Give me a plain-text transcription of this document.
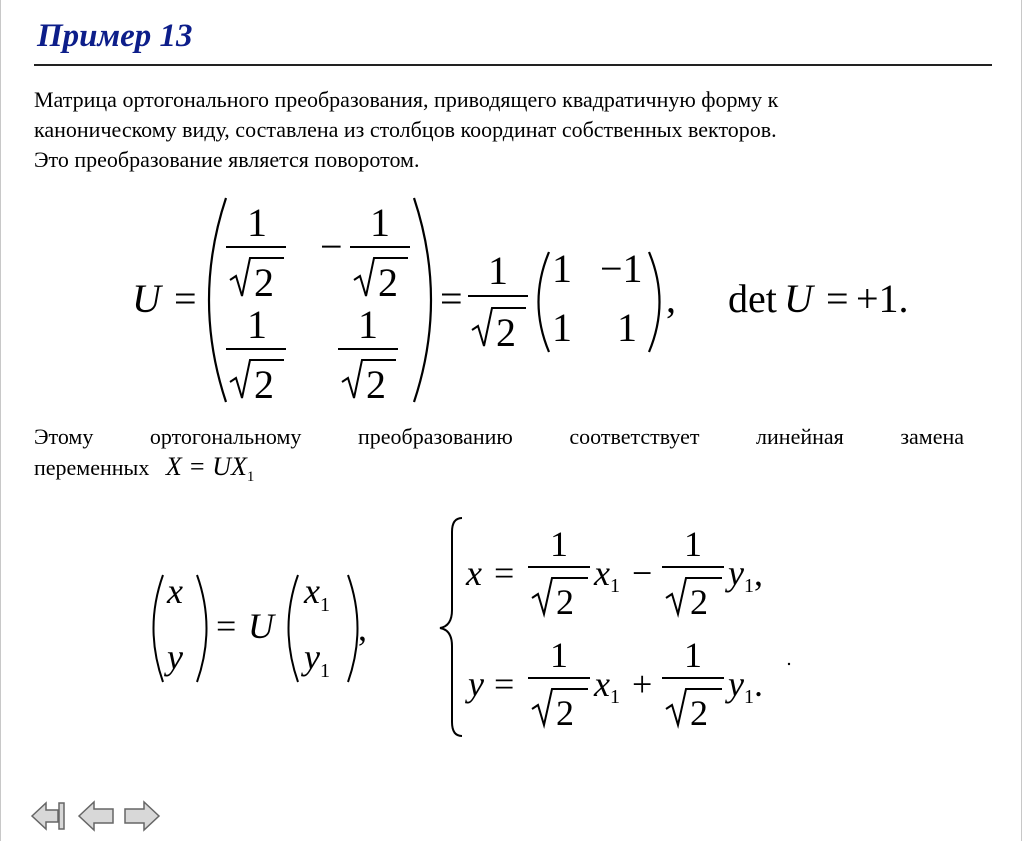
Пример 13
Матрица ортогонального преобразования, приводящего квадратичную форму к
каноническому виду, составлена из столбцов координат собственных векторов.
Это преобразование является поворотом.
Этому ортогональному преобразованию соответствует линейная замена
переменных $X = UX_1$
U =
1
2
−
1
2
1
2
1
2
=
1
2
1 −1
1 1
, det U = +1.
x
y
= U
$x_1$
$y_1$
,
x =
1
2
x1 −
1
2
y1,
y =
1
2
x1 +
1
2
y1.
